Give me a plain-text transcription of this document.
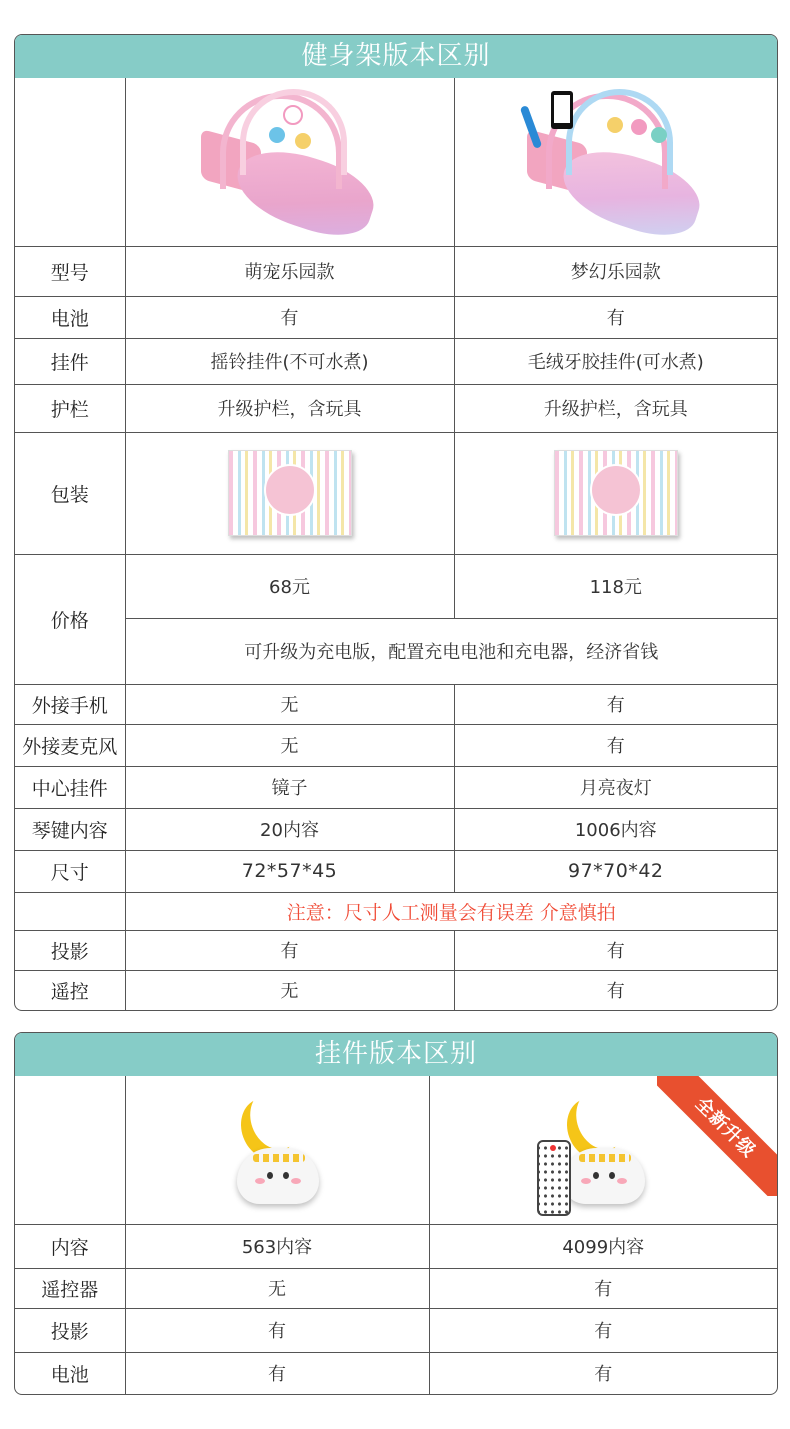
健身架版本区别

型号	萌宠乐园款	梦幻乐园款
电池	有	有
挂件	摇铃挂件(不可水煮)	毛绒牙胶挂件(可水煮)
护栏	升级护栏，含玩具	升级护栏，含玩具
包装	

价格	68元	118元
	可升级为充电版，配置充电电池和充电器，经济省钱	
外接手机	无	有
外接麦克风	无	有
中心挂件	镜子	月亮夜灯
琴键内容	20内容	1006内容
尺寸	72*57*45	97*70*42
	注意：尺寸人工测量会有误差 介意慎拍	
投影	有	有
遥控	无	有
挂件版本区别

内容	563内容	4099内容
遥控器	无	有
投影	有	有
电池	有	有
全新升级
